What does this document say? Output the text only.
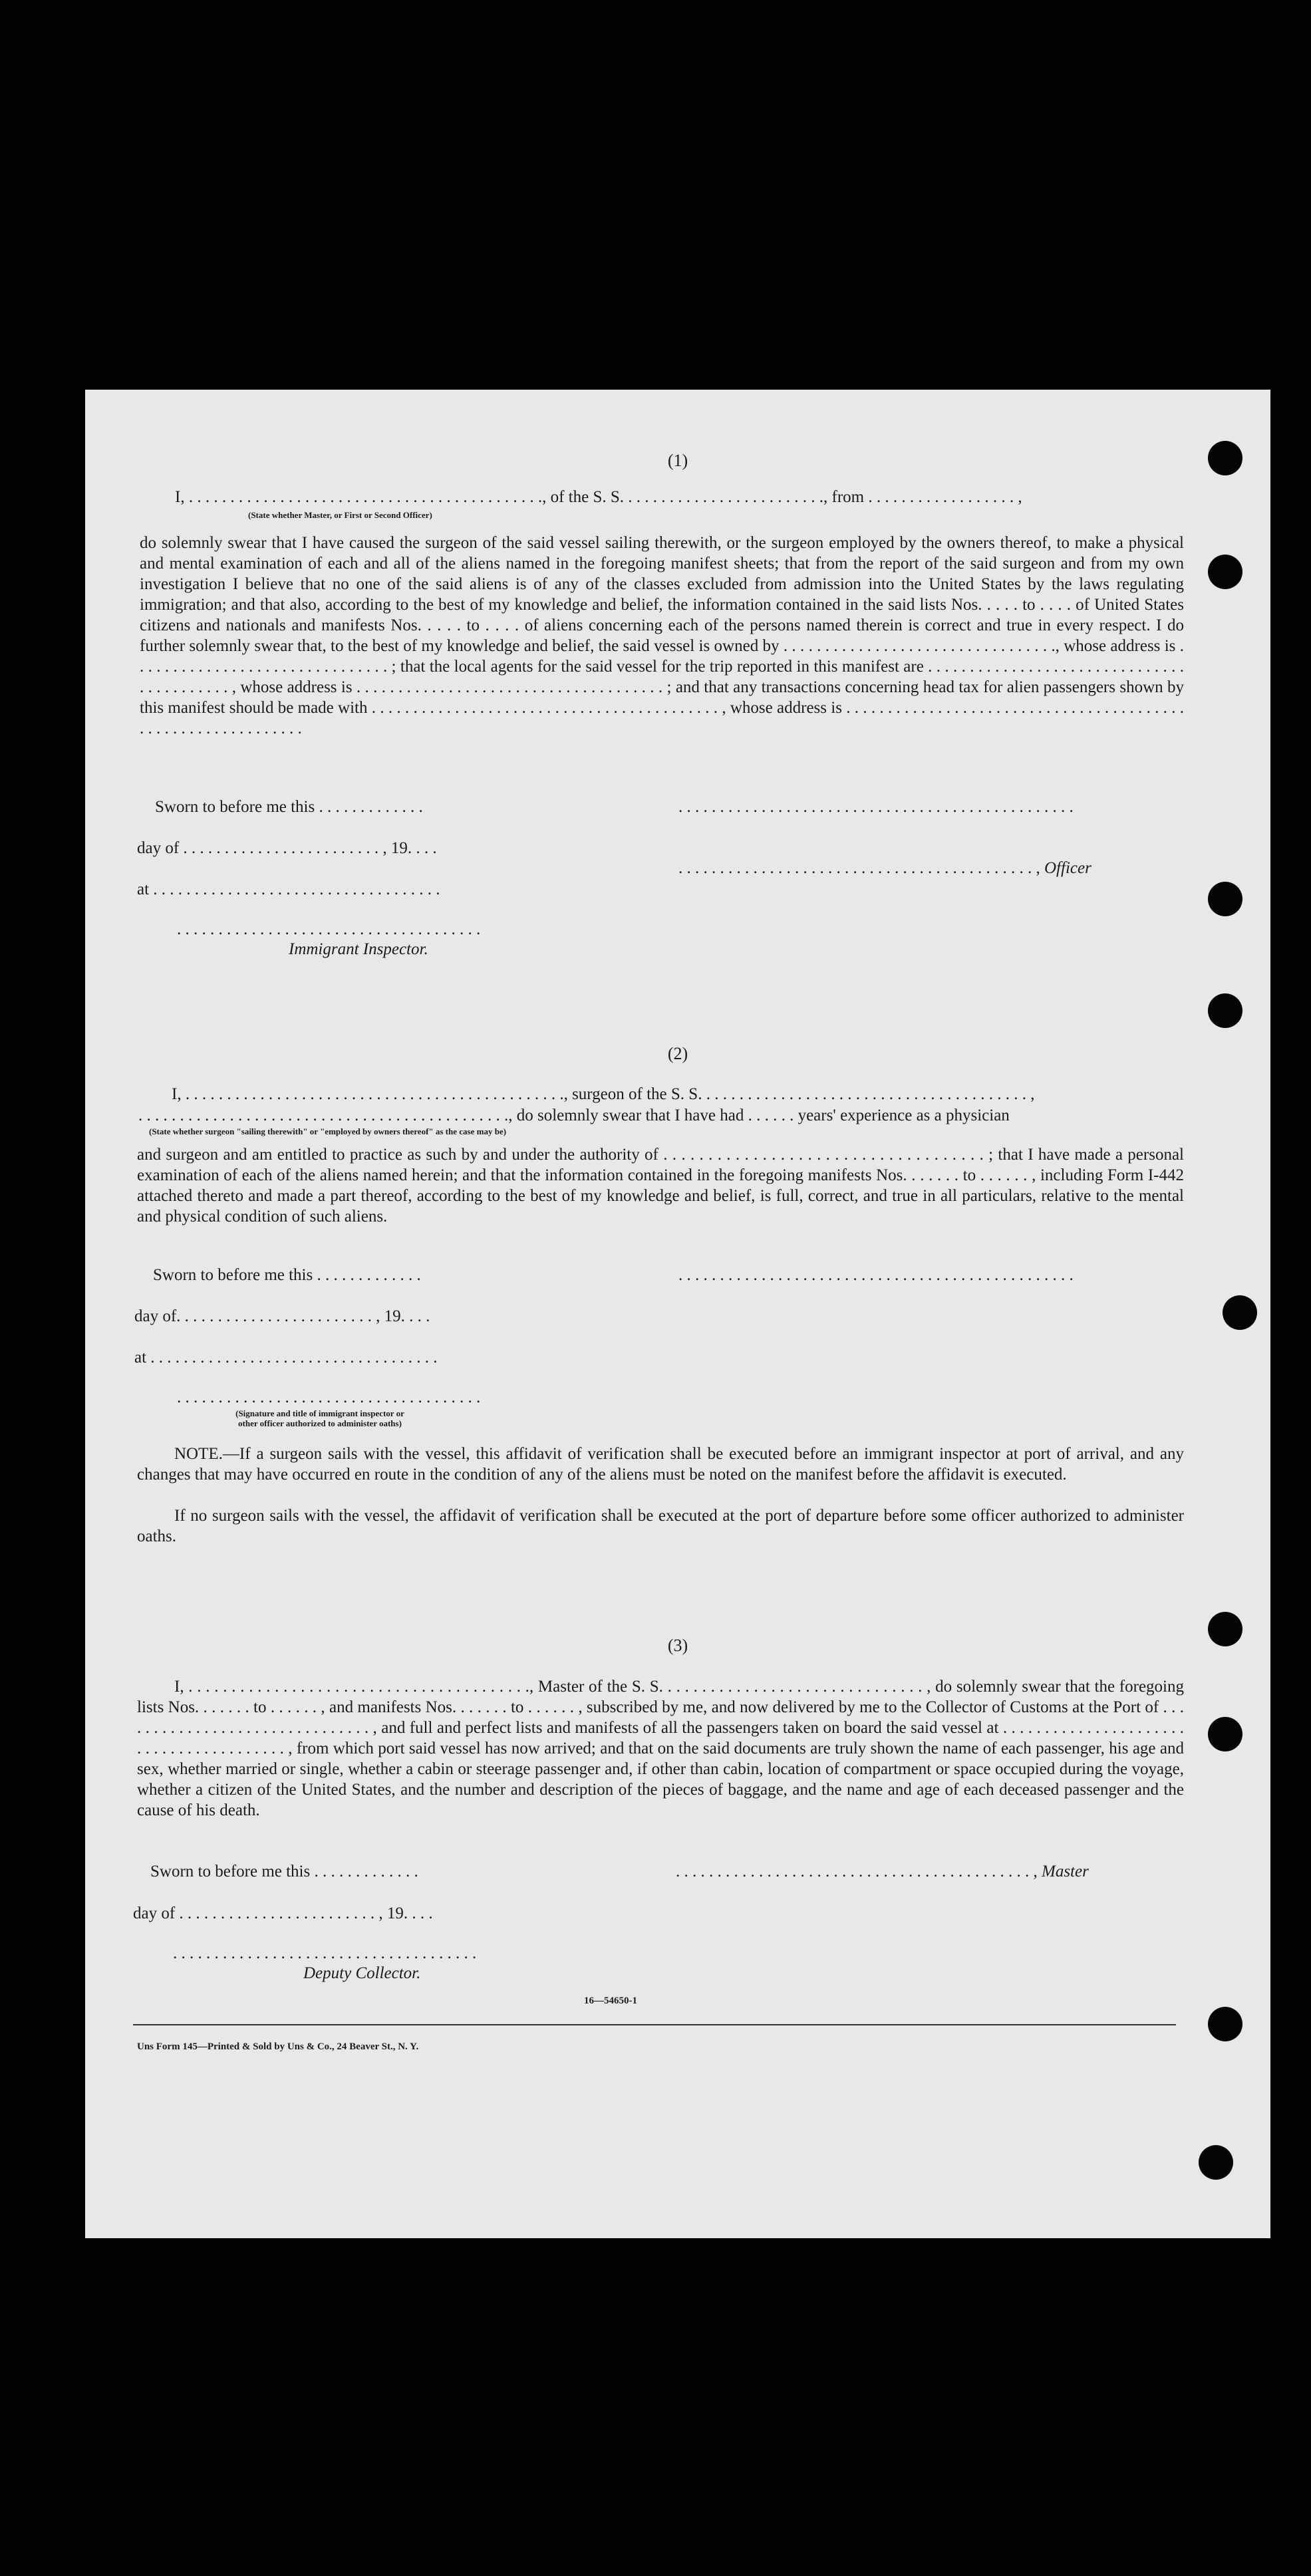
(1)
I, . . . . . . . . . . . . . . . . . . . . . . . . . . . . . . . . . . . . . . . . . . ., of the S. S. . . . . . . . . . . . . . . . . . . . . . . . ., from . . . . . . . . . . . . . . . . . . ,
(State whether Master, or First or Second Officer)
do solemnly swear that I have caused the surgeon of the said vessel sailing therewith, or the surgeon employed by the owners thereof, to make a physical and mental examination of each and all of the aliens named in the foregoing manifest sheets; that from the report of the said surgeon and from my own investigation I believe that no one of the said aliens is of any of the classes excluded from admission into the United States by the laws regulating immigration; and that also, according to the best of my knowledge and belief, the information contained in the said lists Nos. . . . . to . . . . of United States citizens and nationals and manifests Nos. . . . . to . . . . of aliens concerning each of the persons named therein is correct and true in every respect. I do further solemnly swear that, to the best of my knowledge and belief, the said vessel is owned by . . . . . . . . . . . . . . . . . . . . . . . . . . . . . . . . ., whose address is . . . . . . . . . . . . . . . . . . . . . . . . . . . . . . . ; that the local agents for the said vessel for the trip reported in this manifest are . . . . . . . . . . . . . . . . . . . . . . . . . . . . . . . . . . . . . . . . . . , whose address is . . . . . . . . . . . . . . . . . . . . . . . . . . . . . . . . . . . . . ; and that any transactions concerning head tax for alien passengers shown by this manifest should be made with . . . . . . . . . . . . . . . . . . . . . . . . . . . . . . . . . . . . . . . . . . , whose address is . . . . . . . . . . . . . . . . . . . . . . . . . . . . . . . . . . . . . . . . . . . . . . . . . . . . . . . . . . . . .
Sworn to before me this . . . . . . . . . . . . .	. . . . . . . . . . . . . . . . . . . . . . . . . . . . . . . . . . . . . . . . . . . . . . . .
day of . . . . . . . . . . . . . . . . . . . . . . . . , 19. . . .
. . . . . . . . . . . . . . . . . . . . . . . . . . . . . . . . . . . . . . . . . . . , Officer
at . . . . . . . . . . . . . . . . . . . . . . . . . . . . . . . . . . .
. . . . . . . . . . . . . . . . . . . . . . . . . . . . . . . . . . . . .
Immigrant Inspector.
(2)
I, . . . . . . . . . . . . . . . . . . . . . . . . . . . . . . . . . . . . . . . . . . . . . ., surgeon of the S. S. . . . . . . . . . . . . . . . . . . . . . . . . . . . . . . . . . . . . . . . ,
. . . . . . . . . . . . . . . . . . . . . . . . . . . . . . . . . . . . . . . . . . . . ., do solemnly swear that I have had . . . . . . years' experience as a physician
(State whether surgeon "sailing therewith" or "employed by owners thereof" as the case may be)
and surgeon and am entitled to practice as such by and under the authority of . . . . . . . . . . . . . . . . . . . . . . . . . . . . . . . . . . . . ; that I have made a personal examination of each of the aliens named herein; and that the information contained in the foregoing manifests Nos. . . . . . . to . . . . . . , including Form I-442 attached thereto and made a part thereof, according to the best of my knowledge and belief, is full, correct, and true in all particulars, relative to the mental and physical condition of such aliens.
Sworn to before me this . . . . . . . . . . . . .	. . . . . . . . . . . . . . . . . . . . . . . . . . . . . . . . . . . . . . . . . . . . . . . .
day of. . . . . . . . . . . . . . . . . . . . . . . . , 19. . . .
at . . . . . . . . . . . . . . . . . . . . . . . . . . . . . . . . . . .
. . . . . . . . . . . . . . . . . . . . . . . . . . . . . . . . . . . . .
(Signature and title of immigrant inspector or
other officer authorized to administer oaths)
NOTE.—If a surgeon sails with the vessel, this affidavit of verification shall be executed before an immigrant inspector at port of arrival, and any changes that may have occurred en route in the condition of any of the aliens must be noted on the manifest before the affidavit is executed.
If no surgeon sails with the vessel, the affidavit of verification shall be executed at the port of departure before some officer authorized to administer oaths.
(3)
I, . . . . . . . . . . . . . . . . . . . . . . . . . . . . . . . . . . . . . . . ., Master of the S. S. . . . . . . . . . . . . . . . . . . . . . . . . . . . . . . , do solemnly swear that the foregoing lists Nos. . . . . . . to . . . . . . , and manifests Nos. . . . . . . to . . . . . . , subscribed by me, and now delivered by me to the Collector of Customs at the Port of . . . . . . . . . . . . . . . . . . . . . . . . . . . . . . . , and full and perfect lists and manifests of all the passengers taken on board the said vessel at . . . . . . . . . . . . . . . . . . . . . . . . . . . . . . . . . . . . . . . . , from which port said vessel has now arrived; and that on the said documents are truly shown the name of each passenger, his age and sex, whether married or single, whether a cabin or steerage passenger and, if other than cabin, location of compartment or space occupied during the voyage, whether a citizen of the United States, and the number and description of the pieces of baggage, and the name and age of each deceased passenger and the cause of his death.
Sworn to before me this . . . . . . . . . . . . .	. . . . . . . . . . . . . . . . . . . . . . . . . . . . . . . . . . . . . . . . . . . , Master
day of . . . . . . . . . . . . . . . . . . . . . . . . , 19. . . .
. . . . . . . . . . . . . . . . . . . . . . . . . . . . . . . . . . . . .
Deputy Collector.
16—54650-1
Uns Form 145—Printed & Sold by Uns & Co., 24 Beaver St., N. Y.
